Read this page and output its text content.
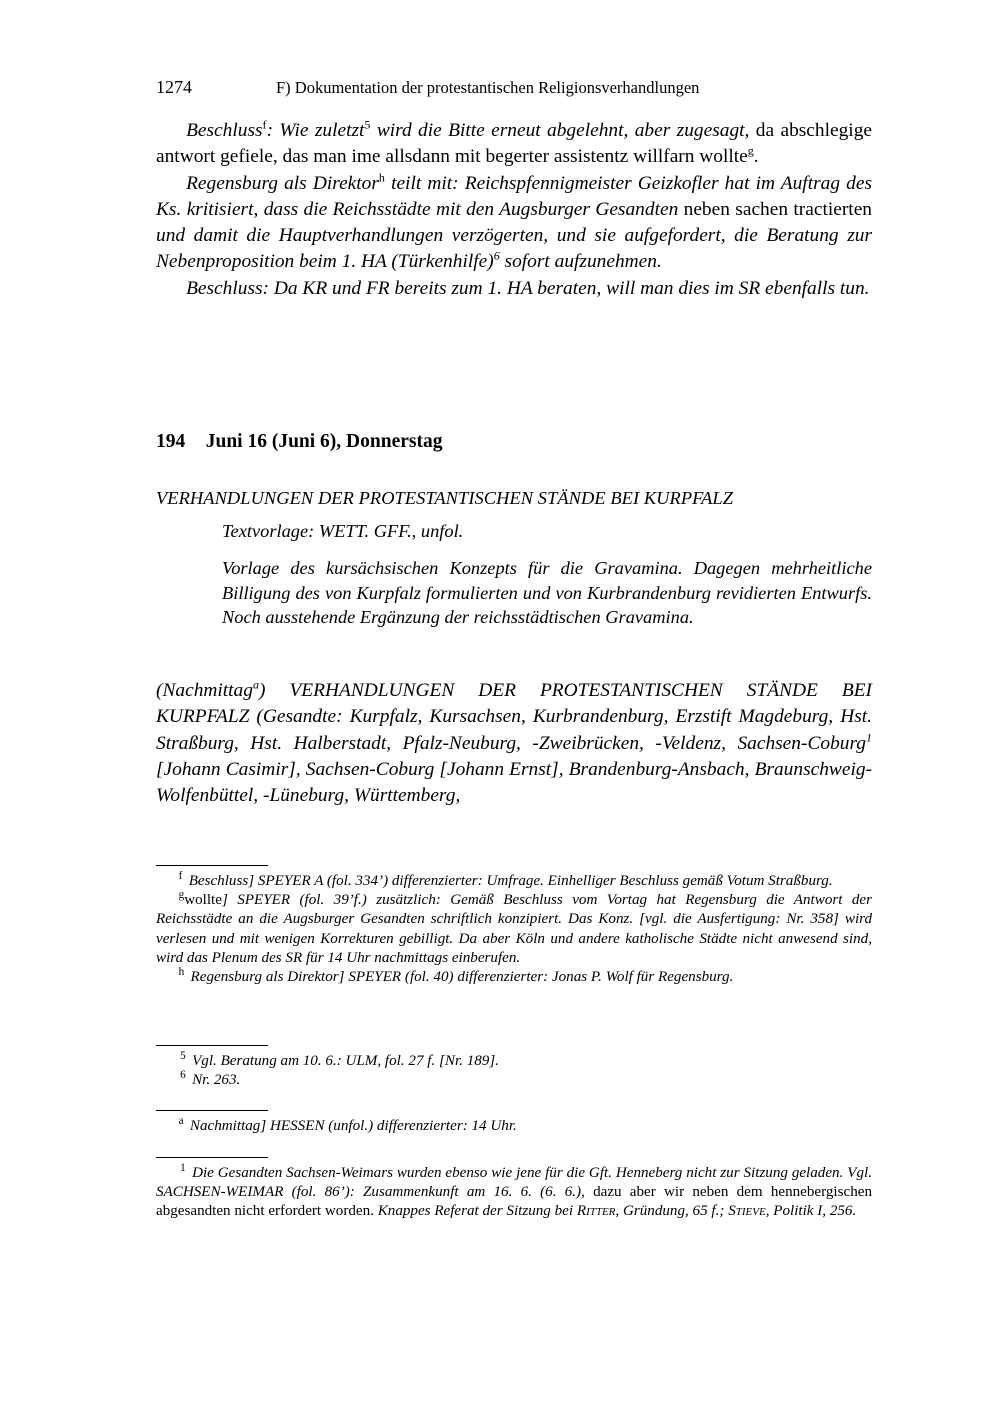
1274	F) Dokumentation der protestantischen Religionsverhandlungen

Beschluss$^f$: Wie zuletzt$^5$ wird die Bitte erneut abgelehnt, aber zugesagt, da abschlegige antwort gefiele, das man ime allsdann mit begerter assistentz willfarn wollte$^g$.

Regensburg als Direktor$^h$ teilt mit: Reichspfennigmeister Geizkofler hat im Auftrag des Ks. kritisiert, dass die Reichsstädte mit den Augsburger Gesandten neben sachen tractierten und damit die Hauptverhandlungen verzögerten, und sie aufgefordert, die Beratung zur Nebenproposition beim 1. HA (Türkenhilfe)$^6$ sofort aufzunehmen.

Beschluss: Da KR und FR bereits zum 1. HA beraten, will man dies im SR ebenfalls tun.

194 Juni 16 (Juni 6), Donnerstag

VERHANDLUNGEN DER PROTESTANTISCHEN STÄNDE BEI KURPFALZ

Textvorlage: WETT. GFF., unfol.

Vorlage des kursächsischen Konzepts für die Gravamina. Dagegen mehrheitliche Billigung des von Kurpfalz formulierten und von Kurbrandenburg revidierten Entwurfs. Noch ausstehende Ergänzung der reichsstädtischen Gravamina.

(Nachmittag$^a$) VERHANDLUNGEN DER PROTESTANTISCHEN STÄNDE BEI KURPFALZ (Gesandte: Kurpfalz, Kursachsen, Kurbrandenburg, Erzstift Magdeburg, Hst. Straßburg, Hst. Halberstadt, Pfalz-Neuburg, -Zweibrücken, -Veldenz, Sachsen-Coburg$^1$ [Johann Casimir], Sachsen-Coburg [Johann Ernst], Brandenburg-Ansbach, Braunschweig-Wolfenbüttel, -Lüneburg, Württemberg,

$^f$ Beschluss] SPEYER A (fol. 334’) differenzierter: Umfrage. Einhelliger Beschluss gemäß Votum Straßburg.

$^g$wollte] SPEYER (fol. 39’f.) zusätzlich: Gemäß Beschluss vom Vortag hat Regensburg die Antwort der Reichsstädte an die Augsburger Gesandten schriftlich konzipiert. Das Konz. [vgl. die Ausfertigung: Nr. 358] wird verlesen und mit wenigen Korrekturen gebilligt. Da aber Köln und andere katholische Städte nicht anwesend sind, wird das Plenum des SR für 14 Uhr nachmittags einberufen.

$^h$ Regensburg als Direktor] SPEYER (fol. 40) differenzierter: Jonas P. Wolf für Regensburg.

$^5$ Vgl. Beratung am 10. 6.: ULM, fol. 27 f. [Nr. 189].

$^6$ Nr. 263.

$^a$ Nachmittag] HESSEN (unfol.) differenzierter: 14 Uhr.

$^1$ Die Gesandten Sachsen-Weimars wurden ebenso wie jene für die Gft. Henneberg nicht zur Sitzung geladen. Vgl. SACHSEN-WEIMAR (fol. 86’): Zusammenkunft am 16. 6. (6. 6.), dazu aber wir neben dem hennebergischen abgesandten nicht erfordert worden. Knappes Referat der Sitzung bei Ritter, Gründung, 65 f.; Stieve, Politik I, 256.
